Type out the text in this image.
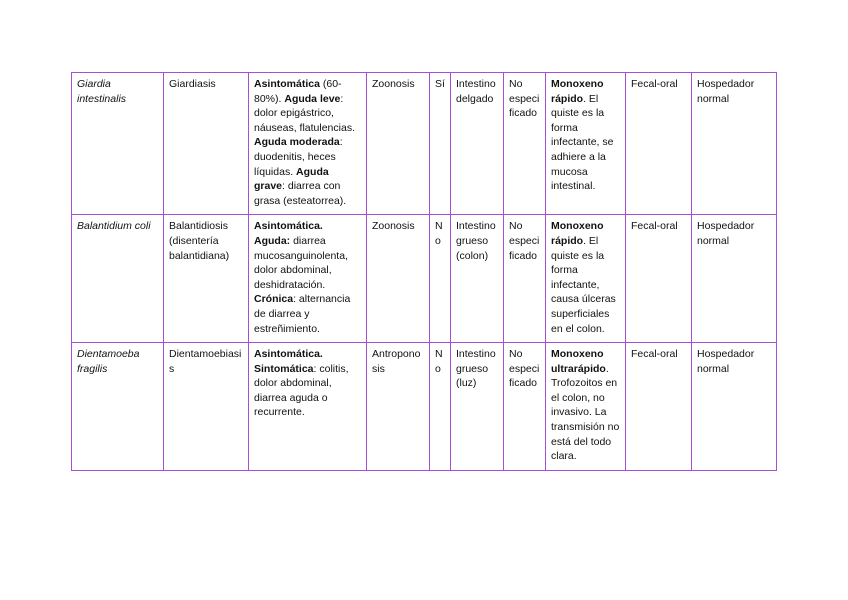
Giardia intestinalis	Giardiasis	Asintomática (60-80%). Aguda leve: dolor epigástrico, náuseas, flatulencias. Aguda moderada: duodenitis, heces líquidas. Aguda grave: diarrea con grasa (esteatorrea).	Zoonosis	Sí	Intestino delgado	No especificado	Monoxeno rápido. El quiste es la forma infectante, se adhiere a la mucosa intestinal.	Fecal-oral	Hospedador normal
Balantidium coli	Balantidiosis (disentería balantidiana)	Asintomática. Aguda: diarrea mucosanguinolenta, dolor abdominal, deshidratación. Crónica: alternancia de diarrea y estreñimiento.	Zoonosis	No	Intestino grueso (colon)	No especificado	Monoxeno rápido. El quiste es la forma infectante, causa úlceras superficiales en el colon.	Fecal-oral	Hospedador normal
Dientamoeba fragilis	Dientamoebiasis	Asintomática. Sintomática: colitis, dolor abdominal, diarrea aguda o recurrente.	Antroponosis	No	Intestino grueso (luz)	No especificado	Monoxeno ultrarápido. Trofozoitos en el colon, no invasivo. La transmisión no está del todo clara.	Fecal-oral	Hospedador normal
